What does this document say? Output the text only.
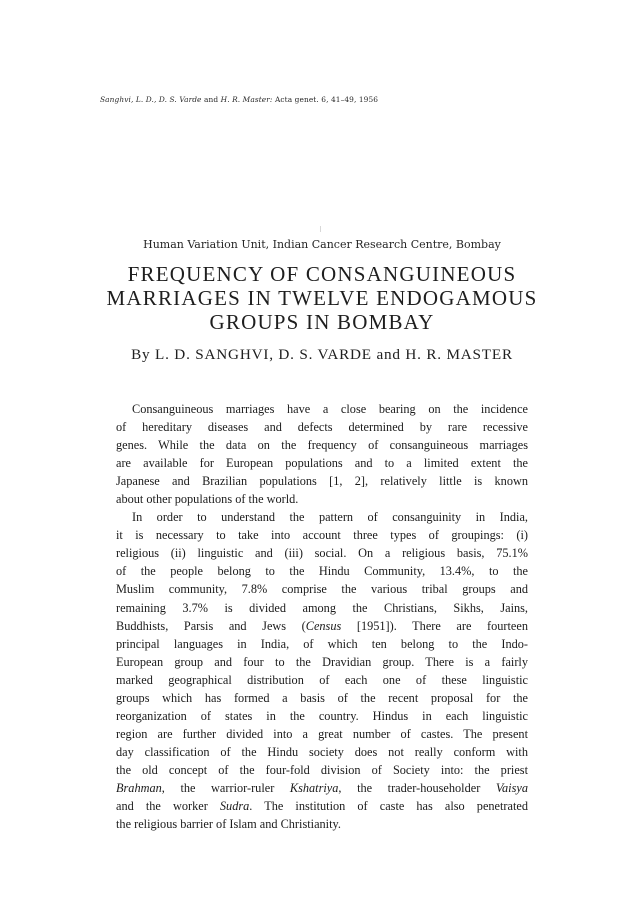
Sanghvi, L. D., D. S. Varde and H. R. Master: Acta genet. 6, 41–49, 1956
Human Variation Unit, Indian Cancer Research Centre, Bombay
FREQUENCY OF CONSANGUINEOUS
MARRIAGES IN TWELVE ENDOGAMOUS
GROUPS IN BOMBAY
By L. D. SANGHVI, D. S. VARDE and H. R. MASTER
Consanguineous marriages have a close bearing on the incidence
of hereditary diseases and defects determined by rare recessive
genes. While the data on the frequency of consanguineous marriages
are available for European populations and to a limited extent the
Japanese and Brazilian populations [1, 2], relatively little is known
about other populations of the world.
In order to understand the pattern of consanguinity in India,
it is necessary to take into account three types of groupings: (i)
religious (ii) linguistic and (iii) social. On a religious basis, 75.1%
of the people belong to the Hindu Community, 13.4%, to the
Muslim community, 7.8% comprise the various tribal groups and
remaining 3.7% is divided among the Christians, Sikhs, Jains,
Buddhists, Parsis and Jews (Census [1951]). There are fourteen
principal languages in India, of which ten belong to the Indo-
European group and four to the Dravidian group. There is a fairly
marked geographical distribution of each one of these linguistic
groups which has formed a basis of the recent proposal for the
reorganization of states in the country. Hindus in each linguistic
region are further divided into a great number of castes. The present
day classification of the Hindu society does not really conform with
the old concept of the four-fold division of Society into: the priest
Brahman, the warrior-ruler Kshatriya, the trader-householder Vaisya
and the worker Sudra. The institution of caste has also penetrated
the religious barrier of Islam and Christianity.
